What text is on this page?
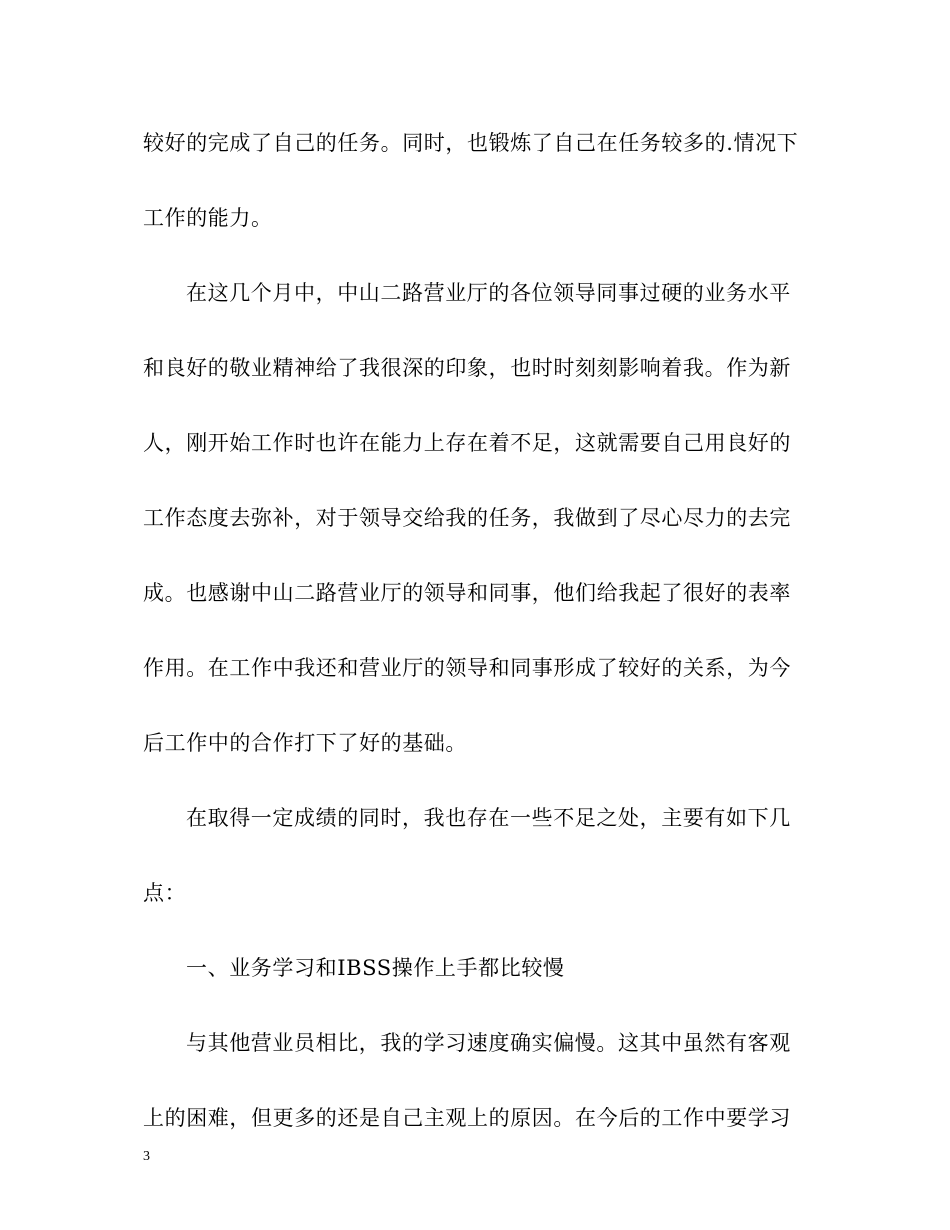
较好的完成了自己的任务。同时，也锻炼了自己在任务较多的.情况下
工作的能力。
在这几个月中，中山二路营业厅的各位领导同事过硬的业务水平
和良好的敬业精神给了我很深的印象，也时时刻刻影响着我。作为新
人，刚开始工作时也许在能力上存在着不足，这就需要自己用良好的
工作态度去弥补，对于领导交给我的任务，我做到了尽心尽力的去完
成。也感谢中山二路营业厅的领导和同事，他们给我起了很好的表率
作用。在工作中我还和营业厅的领导和同事形成了较好的关系，为今
后工作中的合作打下了好的基础。
在取得一定成绩的同时，我也存在一些不足之处，主要有如下几
点：
一、业务学习和IBSS操作上手都比较慢
与其他营业员相比，我的学习速度确实偏慢。这其中虽然有客观
上的困难，但更多的还是自己主观上的原因。在今后的工作中要学习
3
